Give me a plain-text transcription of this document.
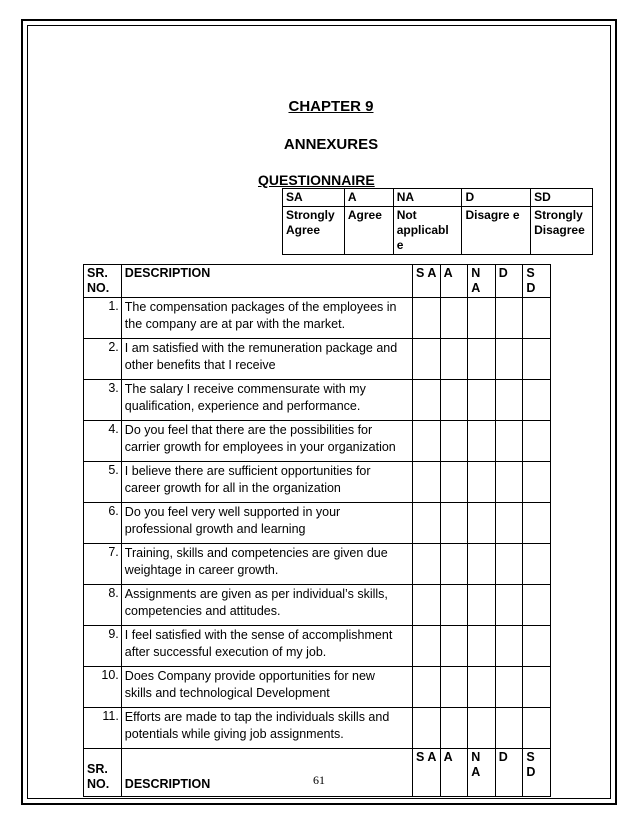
CHAPTER 9
ANNEXURES
QUESTIONNAIRE
SA	A	NA	D	SD
Strongly Agree	Agree	Not applicabl e	Disagre e	Strongly Disagree
SR. NO.	DESCRIPTION	S A	A	N A	D	S D
1.	The compensation packages of the employees in
the company are at par with the market.					

2.	I am satisfied with the remuneration package and
other benefits that I receive					

3.	The salary I receive commensurate with my
qualification, experience and performance.					

4.	Do you feel that there are the possibilities for
carrier growth for employees in your organization					

5.	I believe there are sufficient opportunities for
career growth for all in the organization					

6.	Do you feel very well supported in your
professional growth and learning					

7.	Training, skills and competencies are given due
weightage in career growth.					

8.	Assignments are given as per individual’s skills,
competencies and attitudes.					

9.	I feel satisfied with the sense of accomplishment
after successful execution of my job.					

10.	Does Company provide opportunities for new
skills and technological Development					

11.	Efforts are made to tap the individuals skills and
potentials while giving job assignments.					

SR. NO.	DESCRIPTION	S A	A	N A	D	S D
61
